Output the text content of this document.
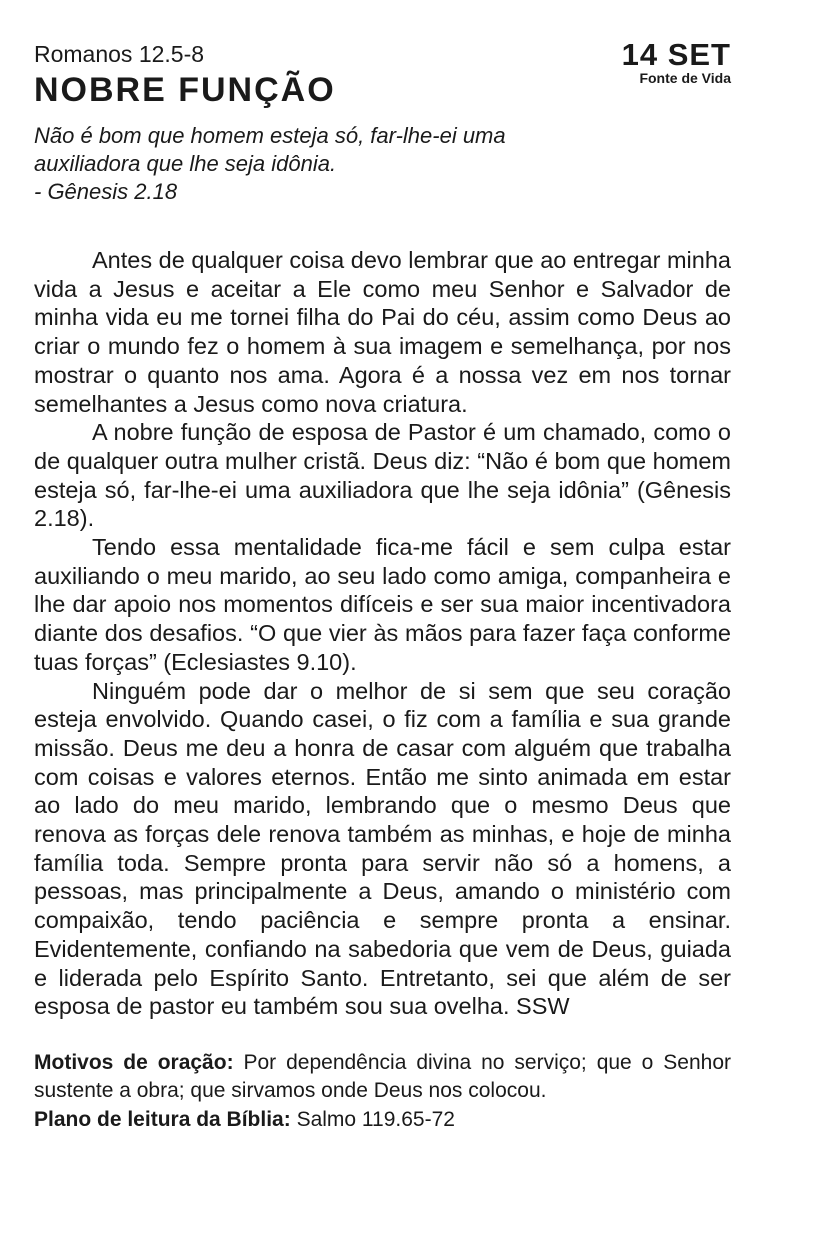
Romanos 12.5-8
NOBRE FUNÇÃO
14 SET
Fonte de Vida
Não é bom que homem esteja só, far-lhe-ei uma
auxiliadora que lhe seja idônia.
- Gênesis 2.18

Antes de qualquer coisa devo lembrar que ao entregar minha vida a Jesus e aceitar a Ele como meu Senhor e Salvador de minha vida eu me tornei filha do Pai do céu, assim como Deus ao criar o mundo fez o homem à sua imagem e semelhança, por nos mostrar o quanto nos ama. Agora é a nossa vez em nos tornar semelhantes a Jesus como nova criatura.

A nobre função de esposa de Pastor é um chamado, como o de qualquer outra mulher cristã. Deus diz: “Não é bom que homem esteja só, far-lhe-ei uma auxiliadora que lhe seja idônia” (Gênesis 2.18).

Tendo essa mentalidade fica-me fácil e sem culpa estar auxiliando o meu marido, ao seu lado como amiga, companheira e lhe dar apoio nos momentos difíceis e ser sua maior incentivadora diante dos desafios. “O que vier às mãos para fazer faça conforme tuas forças” (Eclesiastes 9.10).

Ninguém pode dar o melhor de si sem que seu coração esteja envolvido. Quando casei, o fiz com a família e sua grande missão. Deus me deu a honra de casar com alguém que trabalha com coisas e valores eternos. Então me sinto animada em estar ao lado do meu marido, lembrando que o mesmo Deus que renova as forças dele renova também as minhas, e hoje de minha família toda. Sempre pronta para servir não só a homens, a pessoas, mas principalmente a Deus, amando o ministério com compaixão, tendo paciência e sempre pronta a ensinar. Evidentemente, confiando na sabedoria que vem de Deus, guiada e liderada pelo Espírito Santo. Entretanto, sei que além de ser esposa de pastor eu também sou sua ovelha. SSW

Motivos de oração: Por dependência divina no serviço; que o Senhor sustente a obra; que sirvamos onde Deus nos colocou.

Plano de leitura da Bíblia: Salmo 119.65-72
